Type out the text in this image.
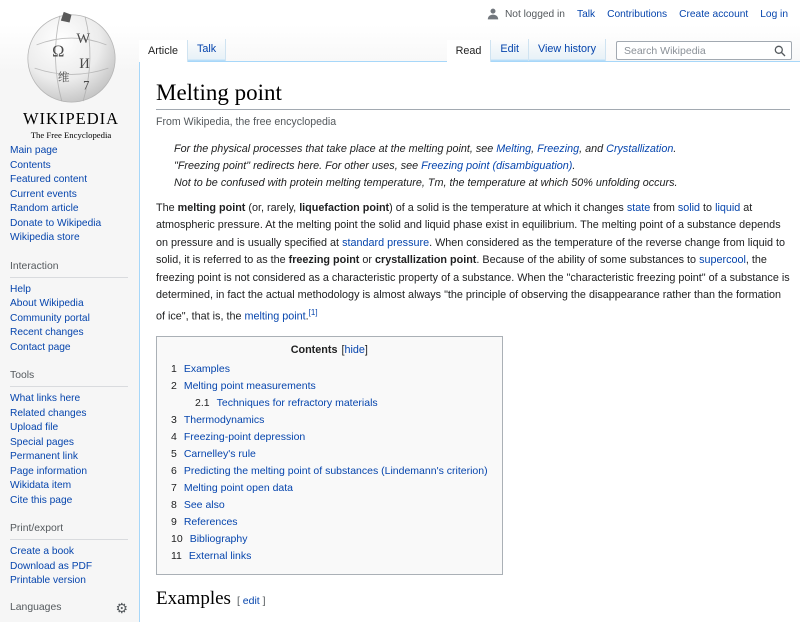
Not logged in Talk Contributions Create account Log in
Ω
W
И
维
7
WIKIPEDIA
The Free Encyclopedia
Main page
Contents
Featured content
Current events
Random article
Donate to Wikipedia
Wikipedia store
Interaction
Help
About Wikipedia
Community portal
Recent changes
Contact page
Tools
What links here
Related changes
Upload file
Special pages
Permanent link
Page information
Wikidata item
Cite this page
Print/export
Create a book
Download as PDF
Printable version
Languages	⚙
Article	Talk	Read	Edit	View history
Search Wikipedia
Melting point
From Wikipedia, the free encyclopedia
For the physical processes that take place at the melting point, see Melting, Freezing, and Crystallization.
"Freezing point" redirects here. For other uses, see Freezing point (disambiguation).
Not to be confused with protein melting temperature, Tm, the temperature at which 50% unfolding occurs.

The melting point (or, rarely, liquefaction point) of a solid is the temperature at which it changes state from solid to liquid at atmospheric pressure. At the melting point the solid and liquid phase exist in equilibrium. The melting point of a substance depends on pressure and is usually specified at standard pressure. When considered as the temperature of the reverse change from liquid to solid, it is referred to as the freezing point or crystallization point. Because of the ability of some substances to supercool, the freezing point is not considered as a characteristic property of a substance. When the "characteristic freezing point" of a substance is determined, in fact the actual methodology is almost always "the principle of observing the disappearance rather than the formation of ice", that is, the melting point.[1]

Contents [hide]
1 Examples
2 Melting point measurements
2.1 Techniques for refractory materials
3 Thermodynamics
4 Freezing-point depression
5 Carnelley's rule
6 Predicting the melting point of substances (Lindemann's criterion)
7 Melting point open data
8 See also
9 References
10 Bibliography
11 External links
Examples [ edit ]
